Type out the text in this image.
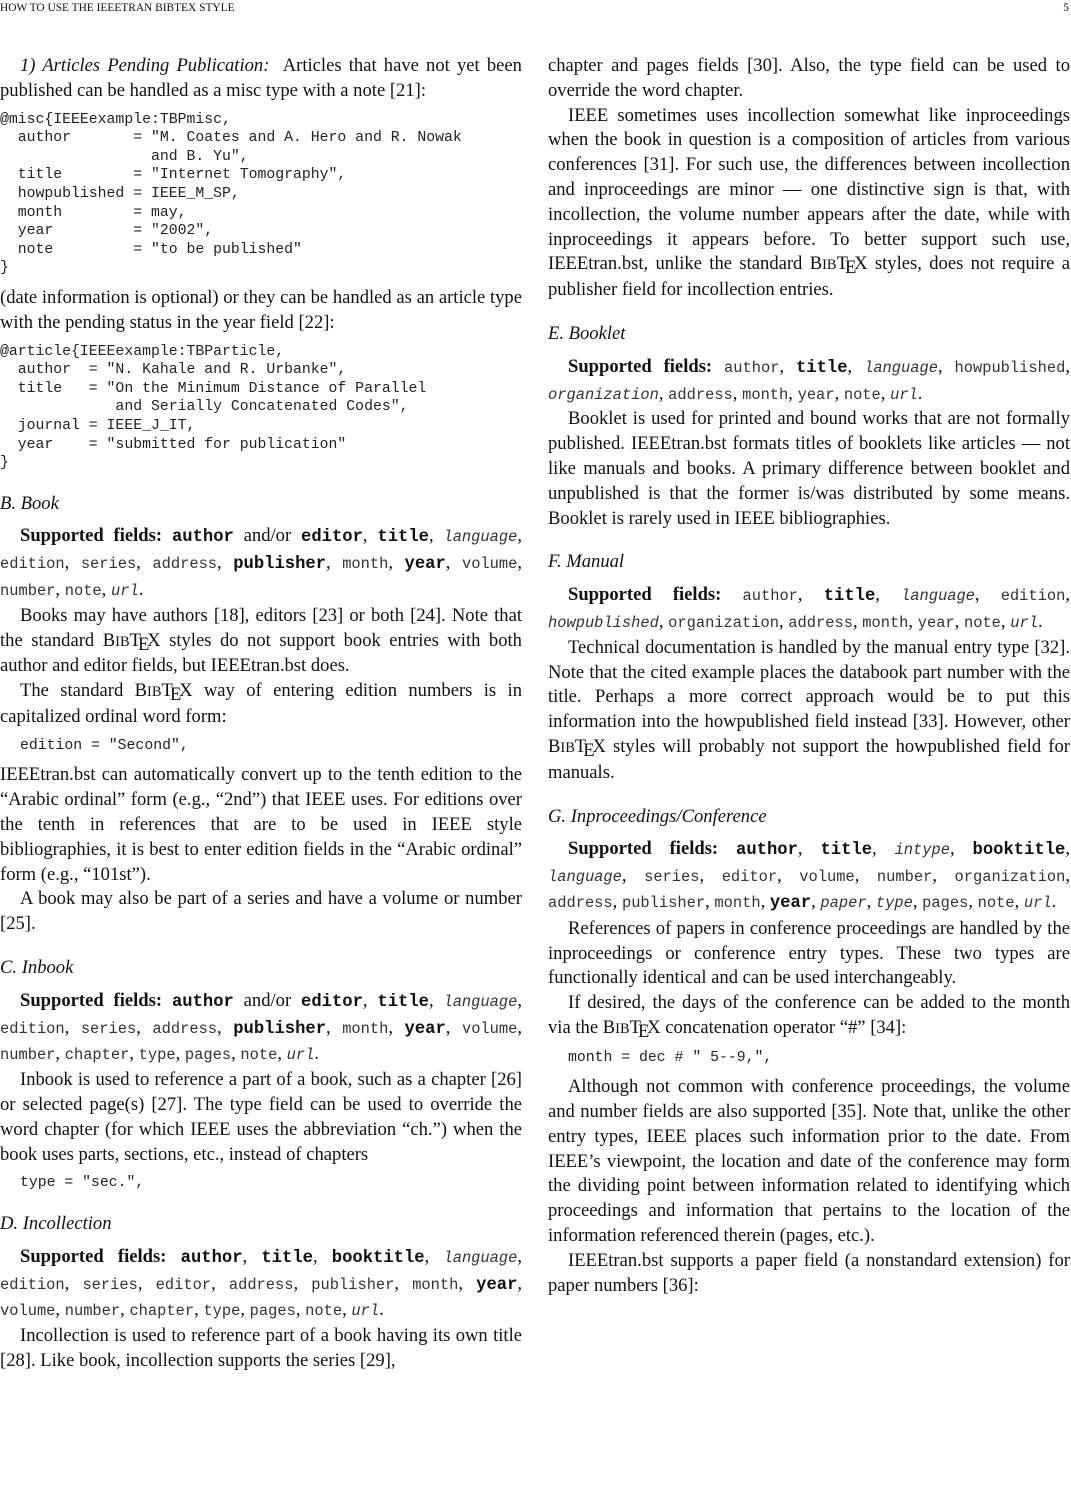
HOW TO USE THE IEEETRAN BIBTEX STYLE	5

1) Articles Pending Publication: Articles that have not yet been published can be handled as a misc type with a note [21]:

@misc{IEEEexample:TBPmisc,
author       = "M. Coates and A. Hero and R. Nowak
and B. Yu",
title        = "Internet Tomography",
howpublished = IEEE_M_SP,
month        = may,
year         = "2002",
note         = "to be published"
}

(date information is optional) or they can be handled as an article type with the pending status in the year field [22]:

@article{IEEEexample:TBParticle,
author  = "N. Kahale and R. Urbanke",
title   = "On the Minimum Distance of Parallel
and Serially Concatenated Codes",
journal = IEEE_J_IT,
year    = "submitted for publication"
}
B. Book

Supported fields: author and/or editor, title, language, edition, series, address, publisher, month, year, volume, number, note, url.

Books may have authors [18], editors [23] or both [24]. Note that the standard BIBTEX styles do not support book entries with both author and editor fields, but IEEEtran.bst does.

The standard BIBTEX way of entering edition numbers is in capitalized ordinal word form:

edition = "Second",

IEEEtran.bst can automatically convert up to the tenth edition to the “Arabic ordinal” form (e.g., “2nd”) that IEEE uses. For editions over the tenth in references that are to be used in IEEE style bibliographies, it is best to enter edition fields in the “Arabic ordinal” form (e.g., “101st”).

A book may also be part of a series and have a volume or number [25].

C. Inbook

Supported fields: author and/or editor, title, language, edition, series, address, publisher, month, year, volume, number, chapter, type, pages, note, url.

Inbook is used to reference a part of a book, such as a chapter [26] or selected page(s) [27]. The type field can be used to override the word chapter (for which IEEE uses the abbreviation “ch.”) when the book uses parts, sections, etc., instead of chapters

type = "sec.",
D. Incollection

Supported fields: author, title, booktitle, language, edition, series, editor, address, publisher, month, year, volume, number, chapter, type, pages, note, url.

Incollection is used to reference part of a book having its own title [28]. Like book, incollection supports the series [29],

chapter and pages fields [30]. Also, the type field can be used to override the word chapter.

IEEE sometimes uses incollection somewhat like inproceedings when the book in question is a composition of articles from various conferences [31]. For such use, the differences between incollection and inproceedings are minor — one distinctive sign is that, with incollection, the volume number appears after the date, while with inproceedings it appears before. To better support such use, IEEEtran.bst, unlike the standard BIBTEX styles, does not require a publisher field for incollection entries.

E. Booklet

Supported fields: author, title, language, howpublished, organization, address, month, year, note, url.

Booklet is used for printed and bound works that are not formally published. IEEEtran.bst formats titles of booklets like articles — not like manuals and books. A primary difference between booklet and unpublished is that the former is/was distributed by some means. Booklet is rarely used in IEEE bibliographies.

F. Manual

Supported fields: author, title, language, edition, howpublished, organization, address, month, year, note, url.

Technical documentation is handled by the manual entry type [32]. Note that the cited example places the databook part number with the title. Perhaps a more correct approach would be to put this information into the howpublished field instead [33]. However, other BIBTEX styles will probably not support the howpublished field for manuals.

G. Inproceedings/Conference

Supported fields: author, title, intype, booktitle, language, series, editor, volume, number, organization, address, publisher, month, year, paper, type, pages, note, url.

References of papers in conference proceedings are handled by the inproceedings or conference entry types. These two types are functionally identical and can be used interchangeably.

If desired, the days of the conference can be added to the month via the BIBTEX concatenation operator “#” [34]:

month = dec # " 5--9,",

Although not common with conference proceedings, the volume and number fields are also supported [35]. Note that, unlike the other entry types, IEEE places such information prior to the date. From IEEE’s viewpoint, the location and date of the conference may form the dividing point between information related to identifying which proceedings and information that pertains to the location of the information referenced therein (pages, etc.).

IEEEtran.bst supports a paper field (a nonstandard extension) for paper numbers [36]:
